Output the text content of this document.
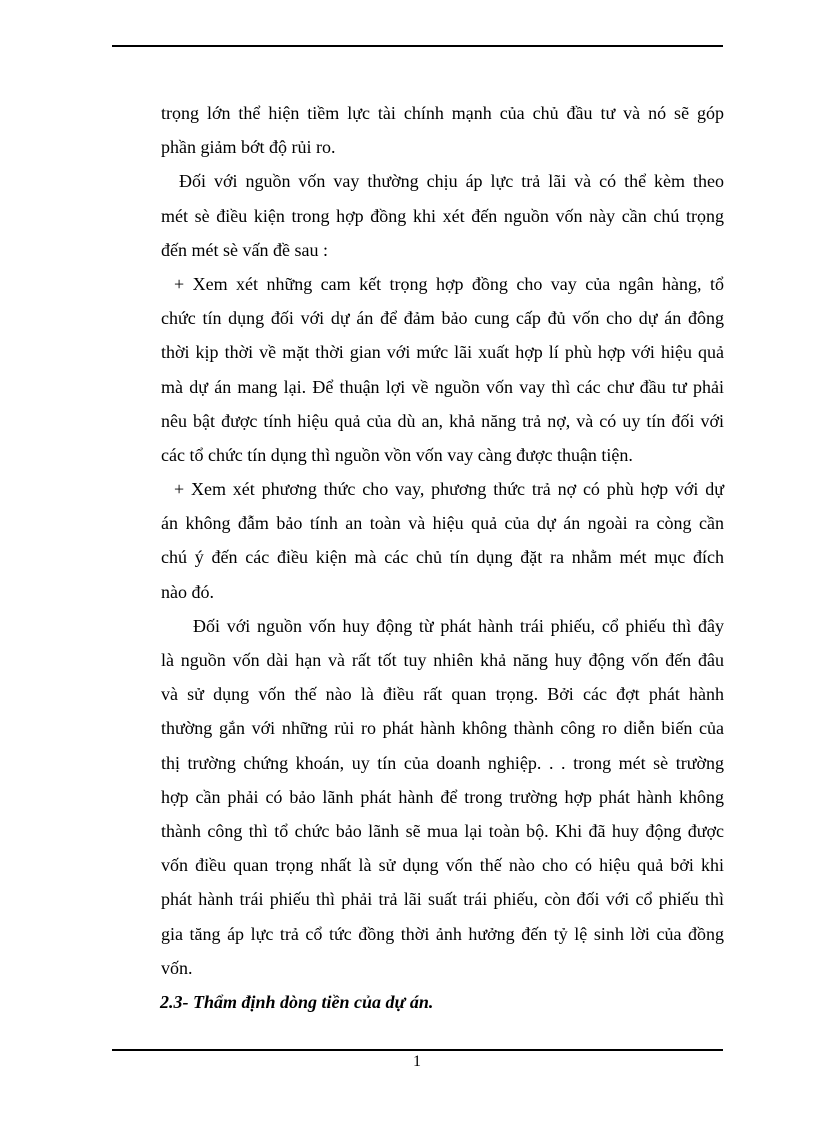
trọng lớn thể hiện tiềm lực tài chính mạnh của chủ đầu tư và nó sẽ góp
phần giảm bớt độ rủi ro.
Đối với nguồn vốn vay thường chịu áp lực trả lãi và có thể kèm theo
mét sè điều kiện trong hợp đồng khi xét đến nguồn vốn này cần chú trọng
đến mét sè vấn đề sau :
+ Xem xét những cam kết trọng hợp đồng cho vay của ngân hàng, tổ
chức tín dụng đối với dự án để đảm bảo cung cấp đủ vốn cho dự án đông
thời kịp thời về mặt thời gian với mức lãi xuất hợp lí phù hợp với hiệu quả
mà dự án mang lại. Để thuận lợi về nguồn vốn vay thì các chư đầu tư phải
nêu bật được tính hiệu quả của dù an, khả năng trả nợ, và có uy tín đối với
các tổ chức tín dụng thì nguồn vồn vốn vay càng được thuận tiện.
+ Xem xét phương thức cho vay, phương thức trả nợ có phù hợp với dự
án không đẫm bảo tính an toàn và hiệu quả của dự án ngoài ra còng cần
chú ý đến các điều kiện mà các chủ tín dụng đặt ra nhằm mét mục đích
nào đó.
Đối với nguồn vốn huy động từ phát hành trái phiếu, cổ phiếu thì đây
là nguồn vốn dài hạn và rất tốt tuy nhiên khả năng huy động vốn đến đâu
và sử dụng vốn thế nào là điều rất quan trọng. Bởi các đợt phát hành
thường gắn với những rủi ro phát hành không thành công ro diễn biến của
thị trường chứng khoán, uy tín của doanh nghiệp. . . trong mét sè trường
hợp cần phải có bảo lãnh phát hành để trong trường hợp phát hành không
thành công thì tổ chức bảo lãnh sẽ mua lại toàn bộ. Khi đã huy động được
vốn điều quan trọng nhất là sử dụng vốn thế nào cho có hiệu quả bởi khi
phát hành trái phiếu thì phải trả lãi suất trái phiếu, còn đối với cổ phiếu thì
gia tăng áp lực trả cổ tức đồng thời ảnh hưởng đến tỷ lệ sinh lời của đồng
vốn.
2.3- Thẩm định dòng tiền của dự án.
1
